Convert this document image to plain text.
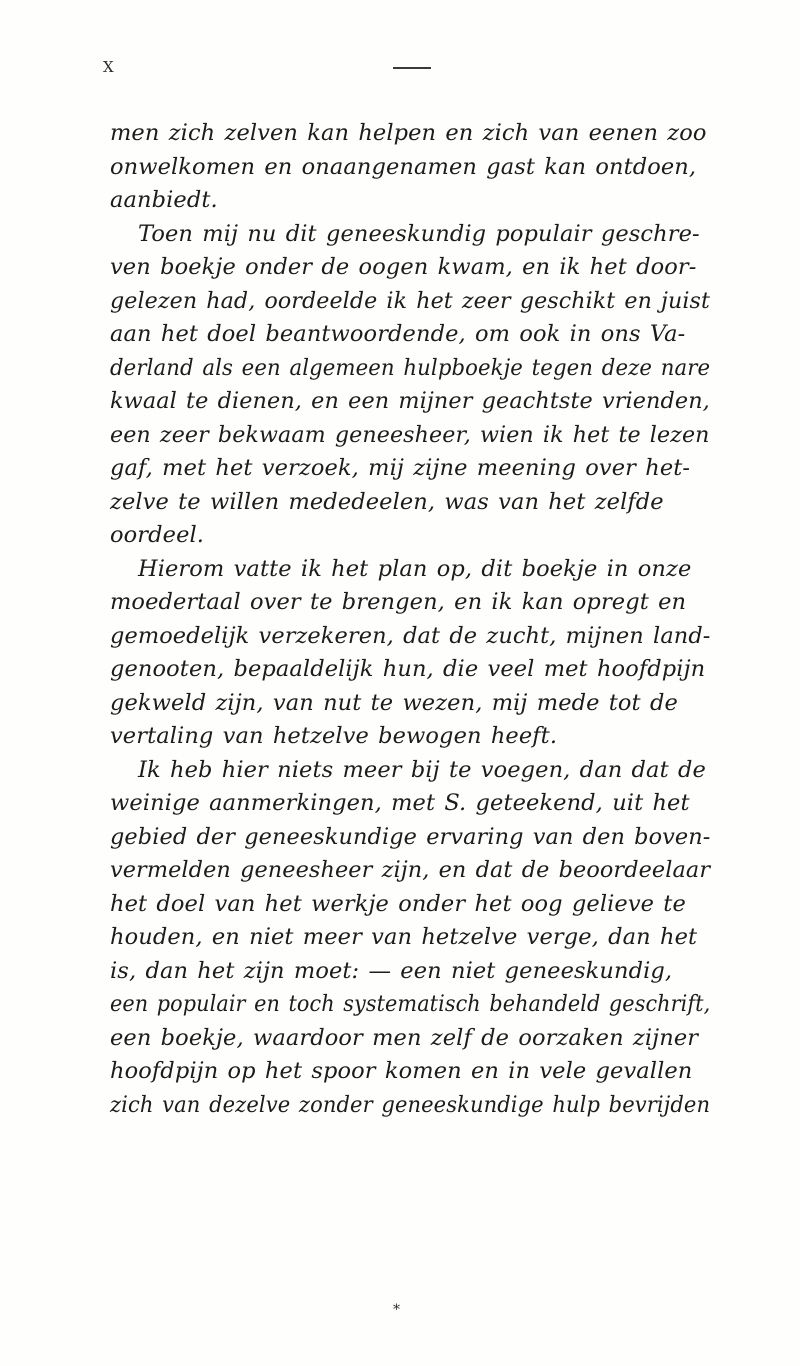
X
men zich zelven kan helpen en zich van eenen zoo
onwelkomen en onaangenamen gast kan ontdoen,
aanbiedt.
Toen mij nu dit geneeskundig populair geschre-
ven boekje onder de oogen kwam, en ik het door-
gelezen had, oordeelde ik het zeer geschikt en juist
aan het doel beantwoordende, om ook in ons Va-
derland als een algemeen hulpboekje tegen deze nare
kwaal te dienen, en een mijner geachtste vrienden,
een zeer bekwaam geneesheer, wien ik het te lezen
gaf, met het verzoek, mij zijne meening over het-
zelve te willen mededeelen, was van het zelfde
oordeel.
Hierom vatte ik het plan op, dit boekje in onze
moedertaal over te brengen, en ik kan opregt en
gemoedelijk verzekeren, dat de zucht, mijnen land-
genooten, bepaaldelijk hun, die veel met hoofdpijn
gekweld zijn, van nut te wezen, mij mede tot de
vertaling van hetzelve bewogen heeft.
Ik heb hier niets meer bij te voegen, dan dat de
weinige aanmerkingen, met S. geteekend, uit het
gebied der geneeskundige ervaring van den boven-
vermelden geneesheer zijn, en dat de beoordeelaar
het doel van het werkje onder het oog gelieve te
houden, en niet meer van hetzelve verge, dan het
is, dan het zijn moet: — een niet geneeskundig,
een populair en toch systematisch behandeld geschrift,
een boekje, waardoor men zelf de oorzaken zijner
hoofdpijn op het spoor komen en in vele gevallen
zich van dezelve zonder geneeskundige hulp bevrijden
*
